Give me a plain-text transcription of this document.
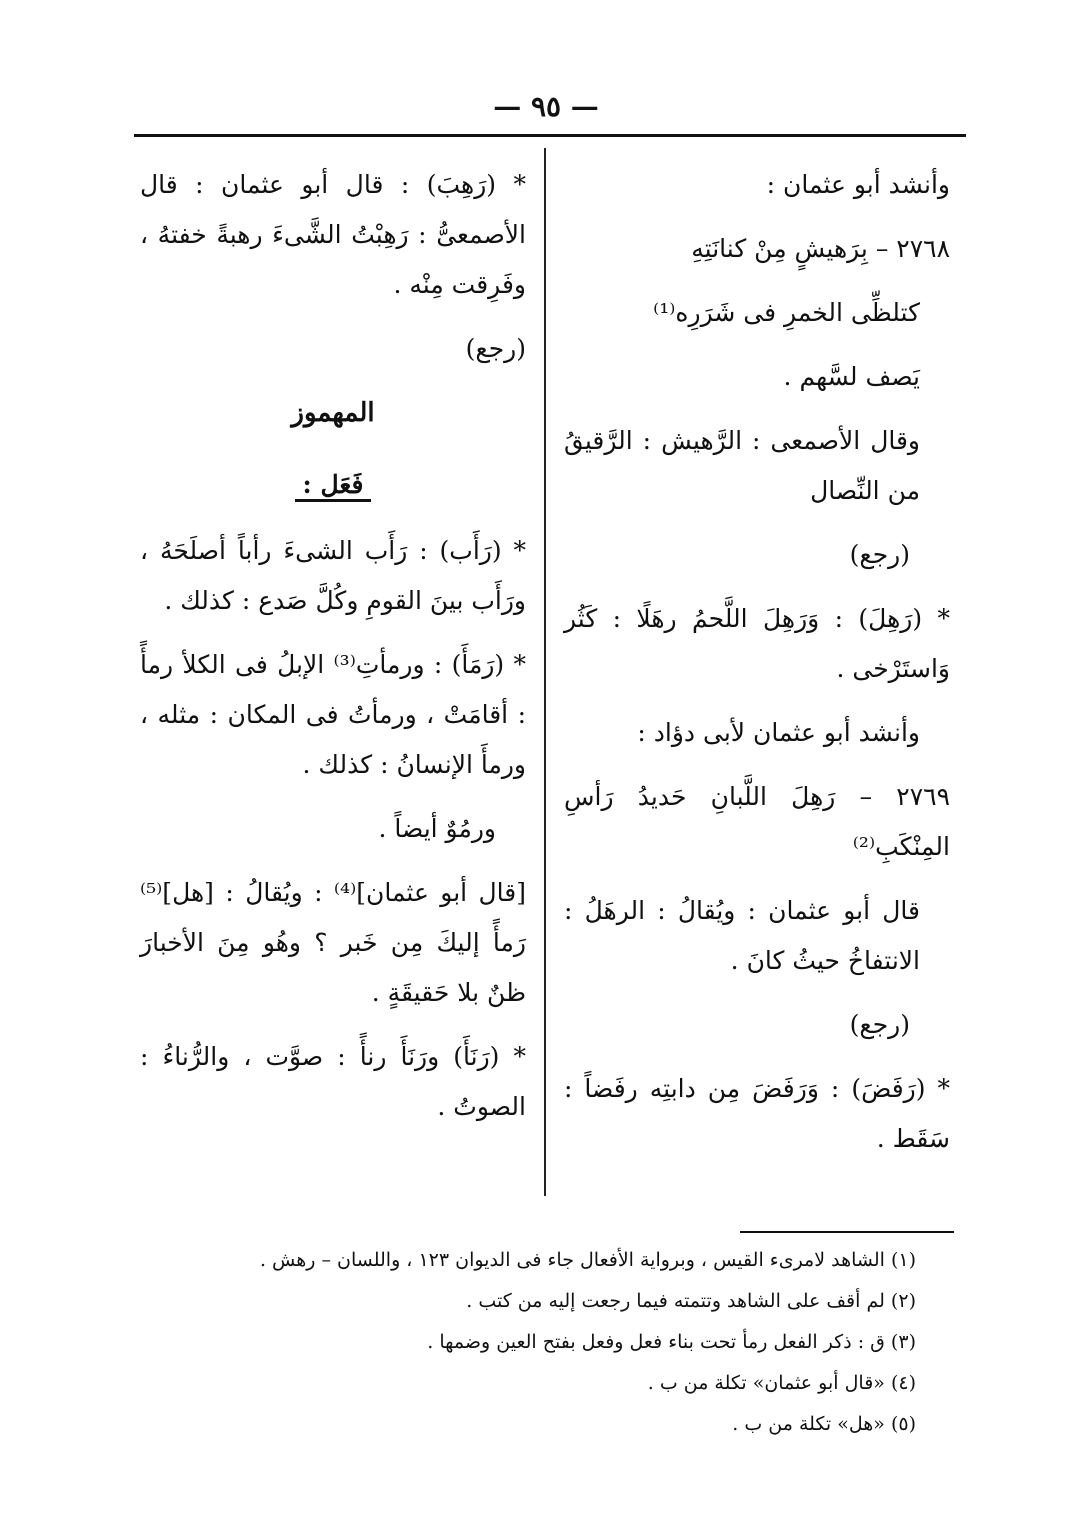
— ٩٥ —

وأنشد أبو عثمان :

٢٧٦٨ – بِرَهيشٍ مِنْ كنانَتِهِ

كتلظِّى الخمرِ فى شَرَرِه⁽¹⁾

يَصف لسَّهم .

وقال الأصمعى : الرَّهيش : الرَّقيقُ من النِّصال

(رجع)

* (رَهِلَ) : وَرَهِلَ اللَّحمُ رهَلًا : كَثُر وَاستَرْخى .

وأنشد أبو عثمان لأبى دؤاد :

٢٧٦٩ – رَهِلَ اللَّبانِ حَديدُ رَأسِ المِنْكَبِ⁽²⁾

قال أبو عثمان : ويُقالُ : الرهَلُ : الانتفاخُ حيثُ كانَ .

(رجع)

* (رَفَضَ) : وَرَفَضَ مِن دابتِه رفَضاً : سَقَط .

* (رَهِبَ) : قال أبو عثمان : قال الأصمعىُّ : رَهِبْتُ الشَّىءَ رهبةً خفتهُ ، وفَرِقت مِنْه .

(رجع)

المهموز
فَعَل :

* (رَأَب) : رَأَب الشىءَ رأباً أصلَحَهُ ، ورَأَب بينَ القومِ وكُلَّ صَدع : كذلك .

* (رَمَأَ) : ورمأتِ⁽³⁾ الإبلُ فى الكلأ رمأً : أقامَتْ ، ورمأتُ فى المكان : مثله ، ورمأَ الإنسانُ : كذلك .

ورمُوٌ أيضاً .

[قال أبو عثمان]⁽⁴⁾ : ويُقالُ : [هل]⁽⁵⁾ رَمأً إليكَ مِن خَبر ؟ وهُو مِنَ الأخبارَ ظنٌ بلا حَقيقَةٍ .

* (رَنَأَ) ورَنَأَ رنأً : صوَّت ، والرُّناءُ : الصوتُ .

(١) الشاهد لامرىء القيس ، وبرواية الأفعال جاء فى الديوان ١٢٣ ، واللسان – رهش .
(٢) لم أقف على الشاهد وتتمته فيما رجعت إليه من كتب .
(٣) ق : ذكر الفعل رمأ تحت بناء فعل وفعل بفتح العين وضمها .
(٤) «قال أبو عثمان» تكلة من ب .
(٥) «هل» تكلة من ب .
